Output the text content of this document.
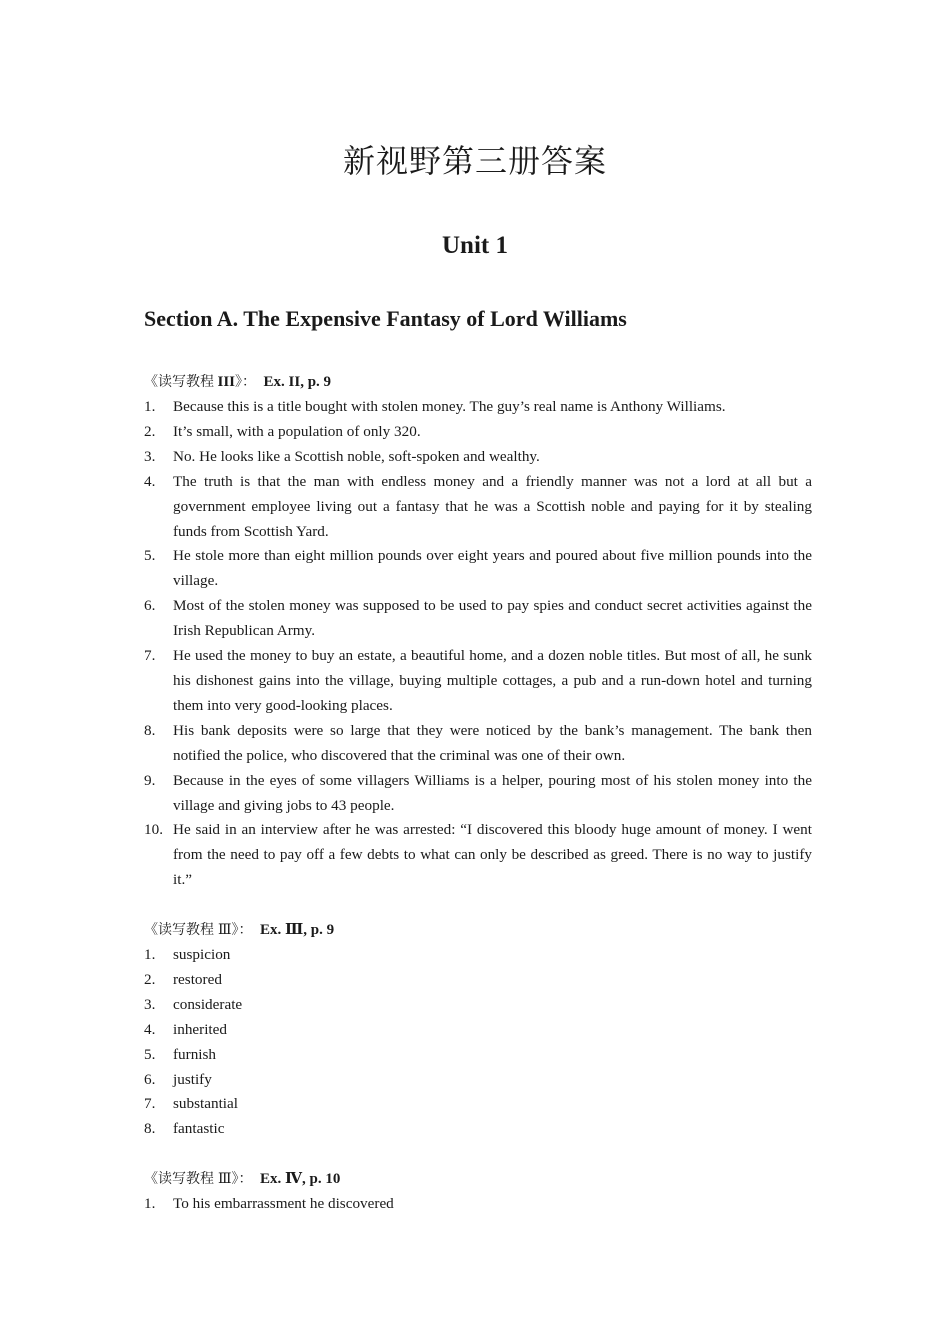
新视野第三册答案
Unit 1
Section A. The Expensive Fantasy of Lord Williams
《读写教程 III》： Ex. II, p. 9
1. Because this is a title bought with stolen money. The guy’s real name is Anthony Williams.
2. It’s small, with a population of only 320.
3. No. He looks like a Scottish noble, soft-spoken and wealthy.
4. The truth is that the man with endless money and a friendly manner was not a lord at all but a government employee living out a fantasy that he was a Scottish noble and paying for it by stealing funds from Scottish Yard.
5. He stole more than eight million pounds over eight years and poured about five million pounds into the village.
6. Most of the stolen money was supposed to be used to pay spies and conduct secret activities against the Irish Republican Army.
7. He used the money to buy an estate, a beautiful home, and a dozen noble titles. But most of all, he sunk his dishonest gains into the village, buying multiple cottages, a pub and a run-down hotel and turning them into very good-looking places.
8. His bank deposits were so large that they were noticed by the bank’s management. The bank then notified the police, who discovered that the criminal was one of their own.
9. Because in the eyes of some villagers Williams is a helper, pouring most of his stolen money into the village and giving jobs to 43 people.
10. He said in an interview after he was arrested: “I discovered this bloody huge amount of money. I went from the need to pay off a few debts to what can only be described as greed. There is no way to justify it.”
《读写教程 Ⅲ》： Ex. Ⅲ, p. 9
1. suspicion
2. restored
3. considerate
4. inherited
5. furnish
6. justify
7. substantial
8. fantastic
《读写教程 Ⅲ》： Ex. Ⅳ, p. 10
1. To his embarrassment he discovered
